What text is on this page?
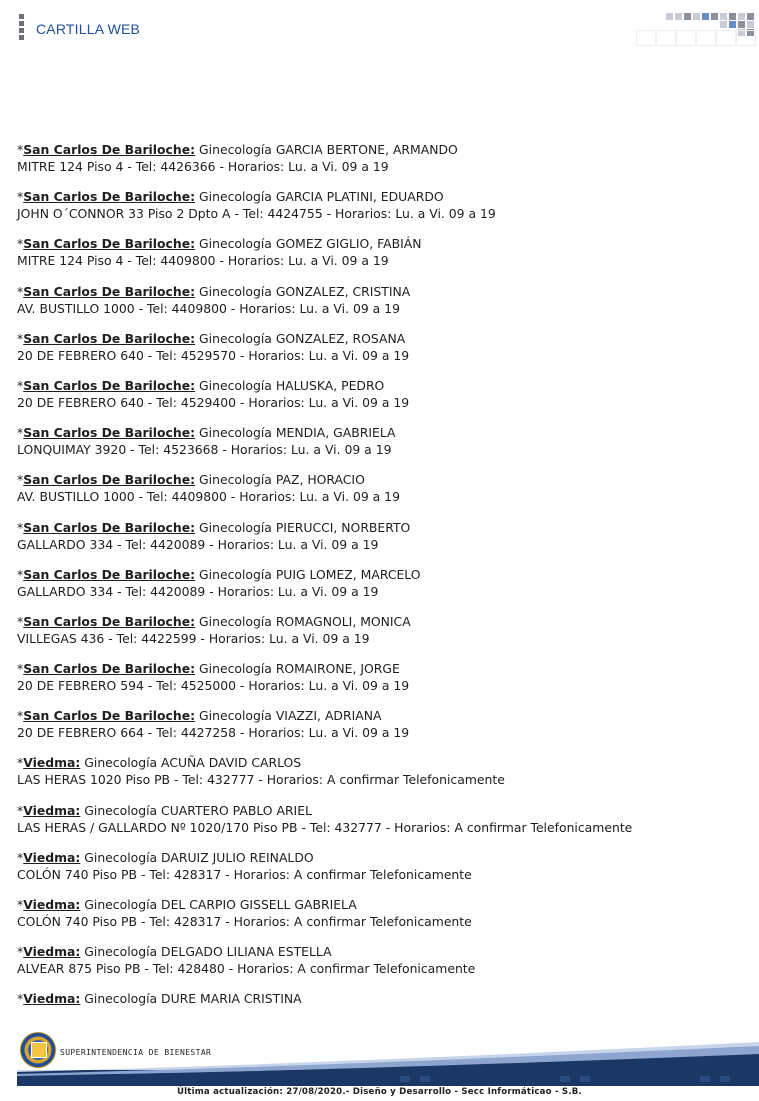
CARTILLA WEB
*San Carlos De Bariloche: Ginecología GARCIA BERTONE, ARMANDO
MITRE 124 Piso 4 - Tel: 4426366 - Horarios: Lu. a Vi. 09 a 19
*San Carlos De Bariloche: Ginecología GARCIA PLATINI, EDUARDO
JOHN O´CONNOR 33 Piso 2 Dpto A - Tel: 4424755 - Horarios: Lu. a Vi. 09 a 19
*San Carlos De Bariloche: Ginecología GOMEZ GIGLIO, FABIÁN
MITRE 124 Piso 4 - Tel: 4409800 - Horarios: Lu. a Vi. 09 a 19
*San Carlos De Bariloche: Ginecología GONZALEZ, CRISTINA
AV. BUSTILLO 1000 - Tel: 4409800 - Horarios: Lu. a Vi. 09 a 19
*San Carlos De Bariloche: Ginecología GONZALEZ, ROSANA
20 DE FEBRERO 640 - Tel: 4529570 - Horarios: Lu. a Vi. 09 a 19
*San Carlos De Bariloche: Ginecología HALUSKA, PEDRO
20 DE FEBRERO 640 - Tel: 4529400 - Horarios: Lu. a Vi. 09 a 19
*San Carlos De Bariloche: Ginecología MENDIA, GABRIELA
LONQUIMAY 3920 - Tel: 4523668 - Horarios: Lu. a Vi. 09 a 19
*San Carlos De Bariloche: Ginecología PAZ, HORACIO
AV. BUSTILLO 1000 - Tel: 4409800 - Horarios: Lu. a Vi. 09 a 19
*San Carlos De Bariloche: Ginecología PIERUCCI, NORBERTO
GALLARDO 334 - Tel: 4420089 - Horarios: Lu. a Vi. 09 a 19
*San Carlos De Bariloche: Ginecología PUIG LOMEZ, MARCELO
GALLARDO 334 - Tel: 4420089 - Horarios: Lu. a Vi. 09 a 19
*San Carlos De Bariloche: Ginecología ROMAGNOLI, MONICA
VILLEGAS 436 - Tel: 4422599 - Horarios: Lu. a Vi. 09 a 19
*San Carlos De Bariloche: Ginecología ROMAIRONE, JORGE
20 DE FEBRERO 594 - Tel: 4525000 - Horarios: Lu. a Vi. 09 a 19
*San Carlos De Bariloche: Ginecología VIAZZI, ADRIANA
20 DE FEBRERO 664 - Tel: 4427258 - Horarios: Lu. a Vi. 09 a 19
*Viedma: Ginecología ACUÑA DAVID CARLOS
LAS HERAS 1020 Piso PB - Tel: 432777 - Horarios: A confirmar Telefonicamente
*Viedma: Ginecología CUARTERO PABLO ARIEL
LAS HERAS / GALLARDO Nº 1020/170 Piso PB - Tel: 432777 - Horarios: A confirmar Telefonicamente
*Viedma: Ginecología DARUIZ JULIO REINALDO
COLÓN 740 Piso PB - Tel: 428317 - Horarios: A confirmar Telefonicamente
*Viedma: Ginecología DEL CARPIO GISSELL GABRIELA
COLÓN 740 Piso PB - Tel: 428317 - Horarios: A confirmar Telefonicamente
*Viedma: Ginecología DELGADO LILIANA ESTELLA
ALVEAR 875 Piso PB - Tel: 428480 - Horarios: A confirmar Telefonicamente
*Viedma: Ginecología DURE MARIA CRISTINA
SUPERINTENDENCIA DE BIENESTAR
Última actualización: 27/08/2020.- Diseño y Desarrollo - Secc Informáticao - S.B.
